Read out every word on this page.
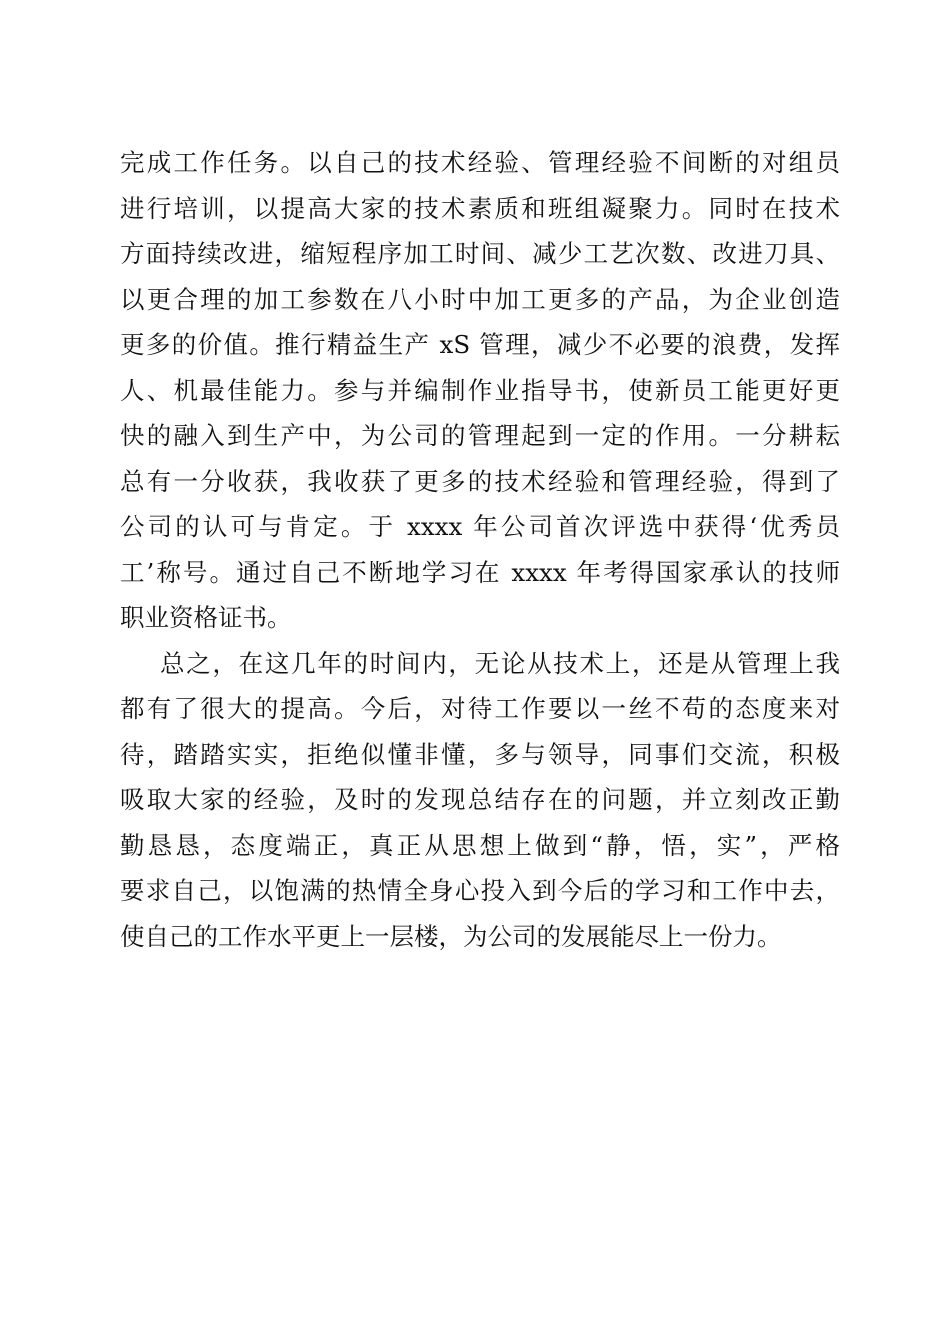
完成工作任务。以自己的技术经验、管理经验不间断的对组员
进行培训，以提高大家的技术素质和班组凝聚力。同时在技术
方面持续改进，缩短程序加工时间、减少工艺次数、改进刀具、
以更合理的加工参数在八小时中加工更多的产品，为企业创造
更多的价值。推行精益生产 xS 管理，减少不必要的浪费，发挥
人、机最佳能力。参与并编制作业指导书，使新员工能更好更
快的融入到生产中，为公司的管理起到一定的作用。一分耕耘
总有一分收获，我收获了更多的技术经验和管理经验，得到了
公司的认可与肯定。于 xxxx 年公司首次评选中获得‘优秀员
工’称号。通过自己不断地学习在 xxxx 年考得国家承认的技师
职业资格证书。
总之，在这几年的时间内，无论从技术上，还是从管理上我
都有了很大的提高。今后，对待工作要以一丝不苟的态度来对
待，踏踏实实，拒绝似懂非懂，多与领导，同事们交流，积极
吸取大家的经验，及时的发现总结存在的问题，并立刻改正勤
勤恳恳，态度端正，真正从思想上做到“静，悟，实”，严格
要求自己，以饱满的热情全身心投入到今后的学习和工作中去，
使自己的工作水平更上一层楼，为公司的发展能尽上一份力。
